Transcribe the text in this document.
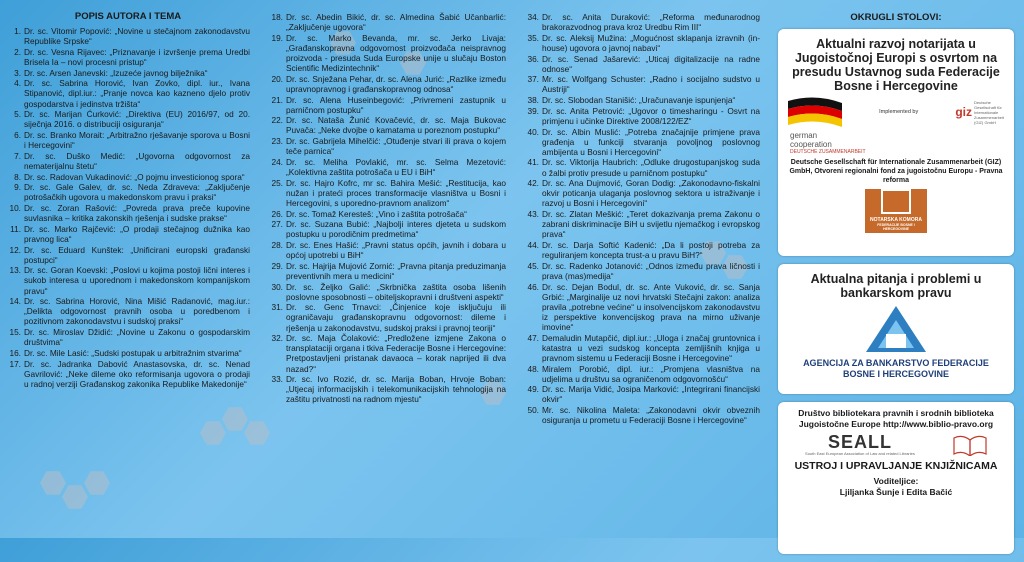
POPIS AUTORA I TEMA
1. Dr. sc. Vitomir Popović: „Novine u stečajnom zakonodavstvu Republike Srpske“
2. Dr. sc. Vesna Rijavec: „Priznavanje i izvršenje prema Uredbi Brisela Ia – novi procesni pristup“
3. Dr. sc. Arsen Janevski: „Izuzeće javnog bilježnika“
4. Dr. sc. Sabrina Horović, Ivan Zovko, dipl. iur., Ivana Stipanović, dipl.iur.: „Pranje novca kao kazneno djelo protiv gospodarstva i jedinstva tržišta“
5. Dr. sc. Marijan Ćurković: „Direktiva (EU) 2016/97, od 20. siječnja 2016. o distribuciji osiguranja“
6. Dr. sc. Branko Morait: „Arbitražno rješavanje sporova u Bosni i Hercegovini“
7. Dr. sc. Duško Medić: „Ugovorna odgovornost za nematerijalnu štetu“
8. Dr. sc. Radovan Vukadinović: „O pojmu investicionog spora“
9. Dr. sc. Gale Galev, dr. sc. Neda Zdraveva: „Zaključenje potrošačkih ugovora u makedonskom pravu i praksi“
10. Dr. sc. Zoran Rašović: „Povreda prava preče kupovine suvlasnika – kritika zakonskih rješenja i sudske prakse“
11. Dr. sc. Marko Rajčević: „O prodaji stečajnog dužnika kao pravnog lica“
12. Dr. sc. Eduard Kunštek: „Unificirani europski građanski postupci“
13. Dr. sc. Goran Koevski: „Poslovi u kojima postoji lični interes i sukob interesa u uporednom i makedonskom kompanijskom pravu“
14. Dr. sc. Sabrina Horović, Nina Mišić Radanović, mag.iur.: „Delikta odgovornost pravnih osoba u poredbenom i pozitivnom zakonodavstvu i sudskoj praksi“
15. Dr. sc. Miroslav Džidić: „Novine u Zakonu o gospodarskim društvima“
16. Dr. sc. Mile Lasić: „Sudski postupak u arbitražnim stvarima“
17. Dr. sc. Jadranka Dabović Anastasovska, dr. sc. Nenad Gavrilović: „Neke dileme oko reformisanja ugovora o prodaji u radnoj verziji Građanskog zakonika Republike Makedonije“
18. Dr. sc. Abedin Bikić, dr. sc. Almedina Šabić Učanbarlić: „Zaključenje ugovora“
19. Dr. sc. Marko Bevanda, mr. sc. Jerko Livaja: „Građanskopravna odgovornost proizvođača neispravnog proizvoda - presuda Suda Europske unije u slučaju Boston Scientific Medizintechnik“
20. Dr. sc. Snježana Pehar, dr. sc. Alena Jurić: „Razlike između upravnopravnog i građanskopravnog odnosa“
21. Dr. sc. Alena Huseinbegović: „Privremeni zastupnik u parničnom postupku“
22. Dr. sc. Nataša Žunić Kovačević, dr. sc. Maja Bukovac Puvača: „Neke dvojbe o kamatama u poreznom postupku“
23. Dr. sc. Gabrijela Mihelčić: „Otuđenje stvari ili prava o kojem teče parnica“
24. Dr. sc. Meliha Povlakić, mr. sc. Selma Mezetović: „Kolektivna zaštita potrošača u EU i BiH“
25. Dr. sc. Hajro Kofrc, mr sc. Bahira Mešić: „Restitucija, kao nužan i prateći proces transformacije vlasništva u Bosni i Hercegovini, s uporedno-pravnom analizom“
26. Dr. sc. Tomaž Keresteš: „Vino i zaštita potrošača“
27. Dr. sc. Suzana Bubić: „Najbolji interes djeteta u sudskom postupku u porodičnim predmetima“
28. Dr. sc. Enes Hašić: „Pravni status općih, javnih i dobara u općoj upotrebi u BiH“
29. Dr. sc. Hajrija Mujović Zornić: „Pravna pitanja preduzimanja preventivnih mera u medicini“
30. Dr. sc. Željko Galić: „Skrbnička zaštita osoba lišenih poslovne sposobnosti – obiteljskopravni i društveni aspekti“
31. Dr. sc. Genc Trnavci: „Činjenice koje isključuju ili ograničavaju građanskopravnu odgovornost: dileme i rješenja u zakonodavstvu, sudskoj praksi i pravnoj teoriji“
32. Dr. sc. Maja Čolaković: „Predložene izmjene Zakona o transplataciji organa i tkiva Federacije Bosne i Hercegovine: Pretpostavljeni pristanak davaoca – korak naprijed ili dva nazad?“
33. Dr. sc. Ivo Rozić, dr. sc. Marija Boban, Hrvoje Boban: „Utjecaj informacijskih i telekomunikacijskih tehnologija na zaštitu privatnosti na radnom mjestu“
34. Dr. sc. Anita Duraković: „Reforma međunarodnog brakorazvodnog prava kroz Uredbu Rim III“
35. Dr. sc. Aleksij Mužina: „Mogućnost sklapanja izravnih (in-house) ugovora o javnoj nabavi“
36. Dr. sc. Senad Jašarević: „Uticaj digitalizacije na radne odnose“
37. Mr. sc. Wolfgang Schuster: „Radno i socijalno sudstvo u Austriji“
38. Dr. sc. Slobodan Stanišić: „Uračunavanje ispunjenja“
39. Dr. sc. Anita Petrović: „Ugovor o timesharingu - Osvrt na primjenu i učinke Direktive 2008/122/EZ“
40. Dr. sc. Albin Muslić: „Potreba značajnije primjene prava građenja u funkciji stvaranja povoljnog poslovnog ambijenta u Bosni i Hercegovini“
41. Dr. sc. Viktorija Haubrich: „Odluke drugostupanjskog suda o žalbi protiv presude u parničnom postupku“
42. Dr. sc. Ana Dujmović, Goran Dodig: „Zakonodavno-fiskalni okvir poticanja ulaganja poslovnog sektora u istraživanje i razvoj u Bosni i Hercegovini“
43. Dr. sc. Zlatan Meškić: „Teret dokazivanja prema Zakonu o zabrani diskriminacije BiH u svijetlu njemačkog i evropskog prava“
44. Dr. sc. Darja Softić Kadenić: „Da li postoji potreba za reguliranjem koncepta trust-a u pravu BiH?“
45. Dr. sc. Radenko Jotanović: „Odnos između prava ličnosti i prava (mas)medija“
46. Dr. sc. Dejan Bodul, dr. sc. Ante Vuković, dr. sc. Sanja Grbić: „Marginalije uz novi hrvatski Stečajni zakon: analiza pravila „potrebne većine“ u insolvencijskom zakonodavstvu iz perspektive konvencijskog prava na mirno uživanje imovine“
47. Demaludin Mutapčić, dipl.iur.: „Uloga i značaj gruntovnica i katastra u vezi sudskog koncepta zemljišnih knjiga u pravnom sistemu u Federaciji Bosne i Hercegovine“
48. Miralem Porobić, dipl. iur.: „Promjena vlasništva na udjelima u društvu sa ograničenom odgovornošću“
49. Dr. sc. Marija Vidić, Josipa Marković: „Integrirani financijski okvir“
50. Mr. sc. Nikolina Maleta: „Zakonodavni okvir obveznih osiguranja u prometu u Federaciji Bosne i Hercegovine“
OKRUGLI STOLOVI:
Aktualni razvoj notarijata u Jugoistočnoj Europi s osvrtom na presudu Ustavnog suda Federacije Bosne i Hercegovine
Implemented by	giz
Deutsche Gesellschaft für Internationale Zusammenarbeit (GIZ) GmbH
german
cooperation
DEUTSCHE ZUSAMMENARBEIT
Deutsche Gesellschaft für Internationale Zusammenarbeit (GIZ) GmbH, Otvoreni regionalni fond za jugoistočnu Europu - Pravna reforma
NOTARSKA KOMORA
FEDERACIJE BOSNE I HERCEGOVINE
Aktualna pitanja i problemi u bankarskom pravu
AGENCIJA ZA BANKARSTVO FEDERACIJE BOSNE I HERCEGOVINE
Društvo bibliotekara pravnih i srodnih biblioteka Jugoistočne Europe http://www.biblio-pravo.org
SEALL
South East European Association of Law and related Libraries
USTROJ I UPRAVLJANJE KNJIŽNICAMA
Voditeljice:
Ljiljanka Šunje i Edita Bačić
